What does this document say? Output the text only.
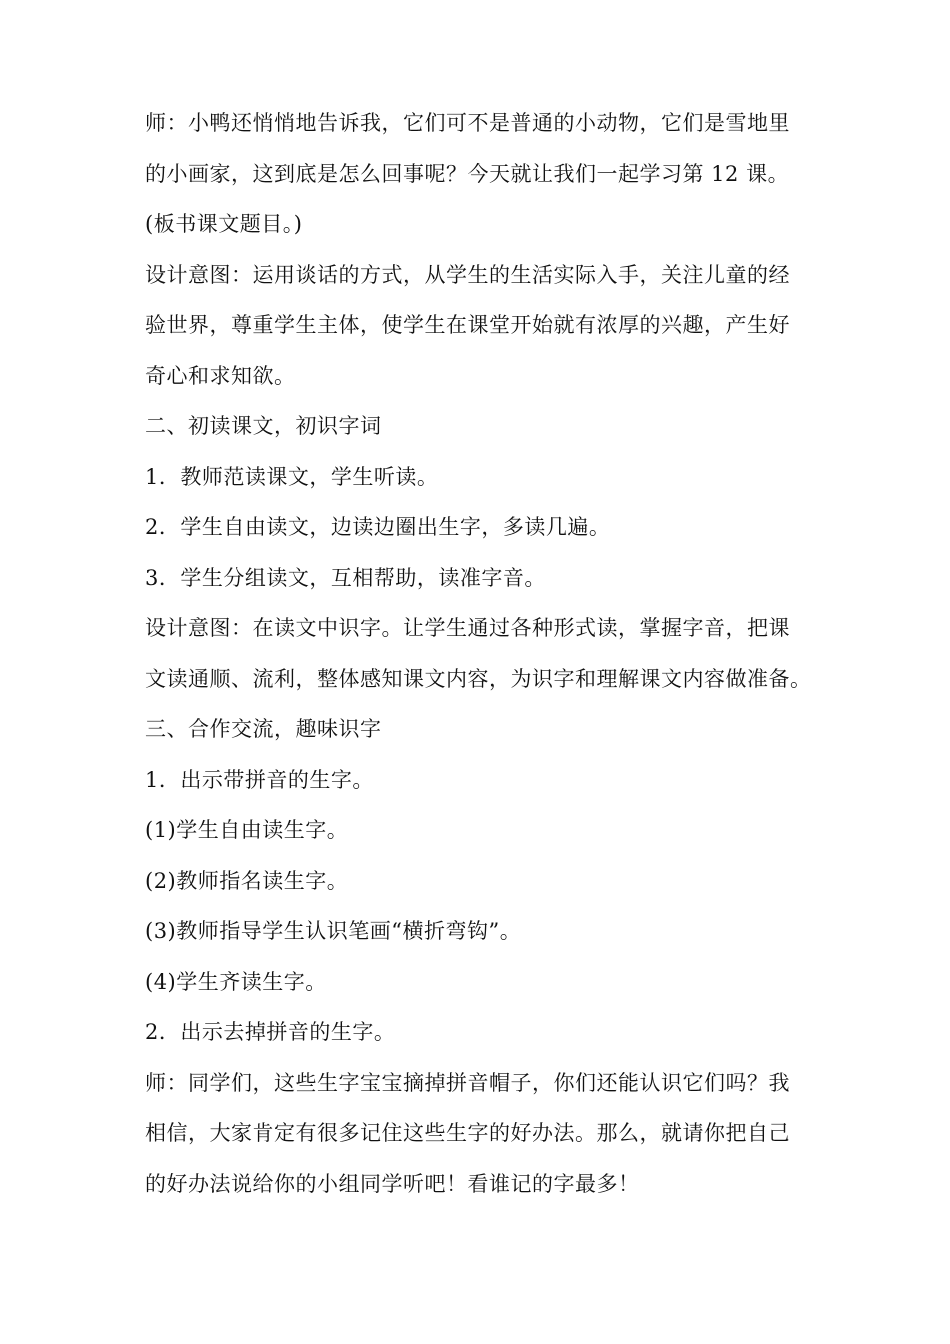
师：小鸭还悄悄地告诉我，它们可不是普通的小动物，它们是雪地里
的小画家，这到底是怎么回事呢？今天就让我们一起学习第 12 课。
(板书课文题目。)
设计意图：运用谈话的方式，从学生的生活实际入手，关注儿童的经
验世界，尊重学生主体，使学生在课堂开始就有浓厚的兴趣，产生好
奇心和求知欲。
二、初读课文，初识字词
1．教师范读课文，学生听读。
2．学生自由读文，边读边圈出生字，多读几遍。
3．学生分组读文，互相帮助，读准字音。
设计意图：在读文中识字。让学生通过各种形式读，掌握字音，把课
文读通顺、流利，整体感知课文内容，为识字和理解课文内容做准备。
三、合作交流，趣味识字
1．出示带拼音的生字。
(1)学生自由读生字。
(2)教师指名读生字。
(3)教师指导学生认识笔画“横折弯钩”。
(4)学生齐读生字。
2．出示去掉拼音的生字。
师：同学们，这些生字宝宝摘掉拼音帽子，你们还能认识它们吗？我
相信，大家肯定有很多记住这些生字的好办法。那么，就请你把自己
的好办法说给你的小组同学听吧！看谁记的字最多！
